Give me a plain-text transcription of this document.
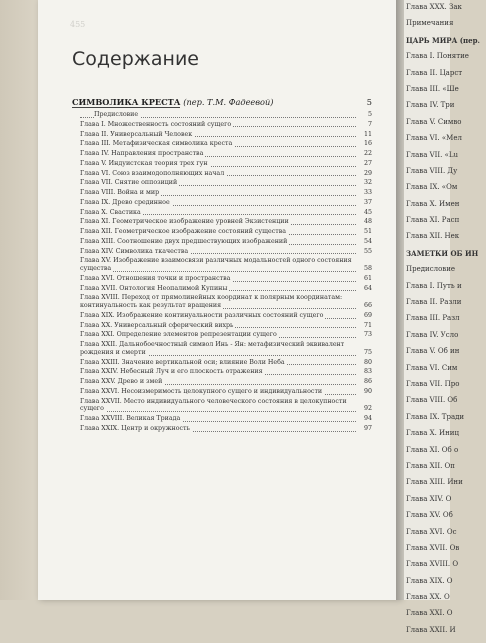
455
Содержание
СИМВОЛИКА КРЕСТА (пер. Т.М. Фадеевой)	5
Предисловие	5
Глава I. Множественность состояний сущего	7
Глава II. Универсальный Человек	11
Глава III. Метафизическая символика креста	16
Глава IV. Направления пространства	22
Глава V. Индуистская теория трех гун	27
Глава VI. Союз взаимодополняющих начал	29
Глава VII. Снятие оппозиций	32
Глава VIII. Война и мир	33
Глава IX. Древо срединное	37
Глава X. Свастика	45
Глава XI. Геометрическое изображение уровней Экзистенции	48
Глава XII. Геометрическое изображение состояний существа	51
Глава XIII. Соотношение двух предшествующих изображений	54
Глава XIV. Символика ткачества	55
Глава XV. Изображение взаимосвязи различных модальностей одного состояния существа	58
Глава XVI. Отношения точки и пространства	61
Глава XVII. Онтология Неопалимой Купины	64
Глава XVIII. Переход от прямолинейных координат к полярным координатам: континуальность как результат вращения	66
Глава XIX. Изображение континуальности различных состояний сущего	69
Глава XX. Универсальный сферический вихрь	71
Глава XXI. Определение элементов репрезентации сущего	73
Глава XXII. Дальнобоечностный символ Инь - Ян: метафизический эквивалент рождения и смерти	75
Глава XXIII. Значение вертикальной оси; влияние Воли Неба	80
Глава XXIV. Небесный Луч и его плоскость отражения	83
Глава XXV. Древо и змей	86
Глава XXVI. Несоизмеримость целокупного сущего и индивидуальности	90
Глава XXVII. Место индивидуального человеческого состояния в целокупности сущего	92
Глава XXVIII. Великая Триада	94
Глава XXIX. Центр и окружность	97
Глава XXX. Зак
Примечания
ЦАРЬ МИРА (пер.
Глава I. Понятие
Глава II. Царст
Глава III. «Ше
Глава IV. Три
Глава V. Симво
Глава VI. «Мел
Глава VII. «Lu
Глава VIII. Ду
Глава IX. «Ом
Глава X. Имен
Глава XI. Расп
Глава XII. Нек
ЗАМЕТКИ ОБ ИН
Предисловие
Глава I. Путь и
Глава II. Разли
Глава III. Разл
Глава IV. Усло
Глава V. Об ин
Глава VI. Сим
Глава VII. Про
Глава VIII. Об
Глава IX. Тради
Глава X. Иниц
Глава XI. Об о
Глава XII. Оп
Глава XIII. Ини
Глава XIV. О
Глава XV. Об
Глава XVI. Ос
Глава XVII. Ов
Глава XVIII. О
Глава XIX. О
Глава XX. О
Глава XXI. О
Глава XXII. И
